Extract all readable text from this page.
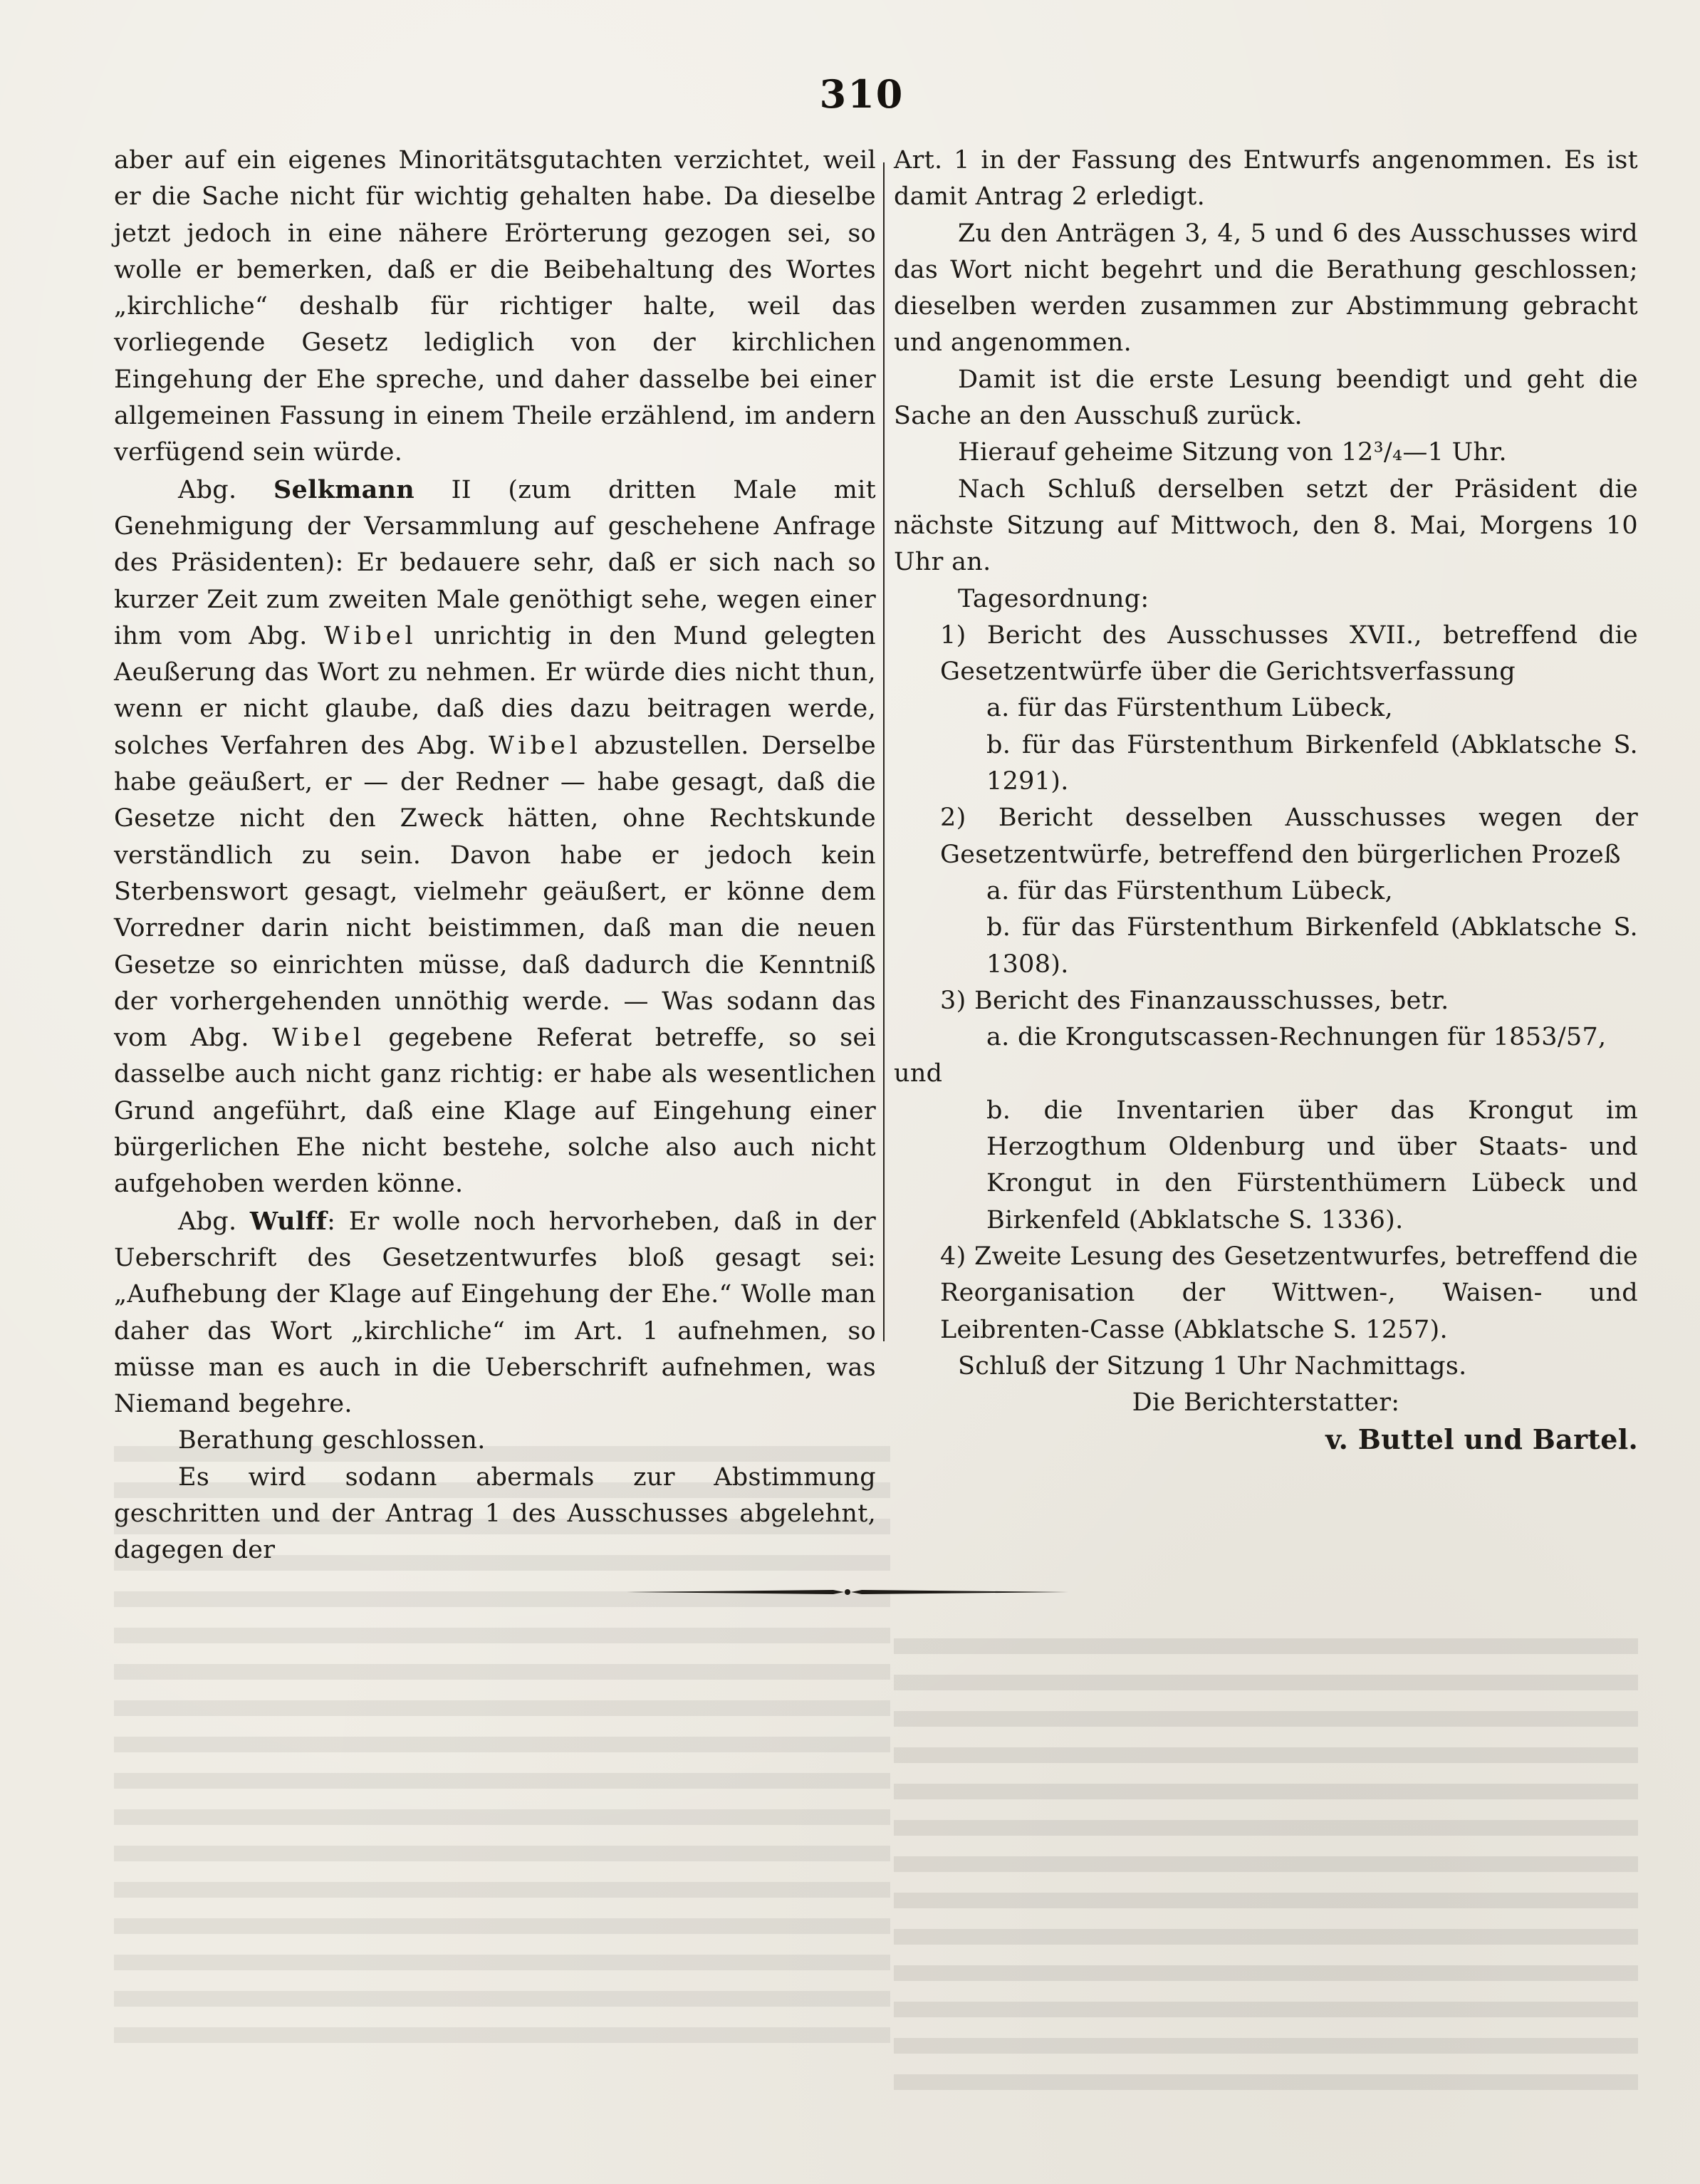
310

aber auf ein eigenes Minoritätsgutachten verzichtet, weil er die Sache nicht für wichtig gehalten habe. Da dieselbe jetzt jedoch in eine nähere Erörterung gezogen sei, so wolle er bemerken, daß er die Beibehaltung des Wortes „kirchliche“ deshalb für richtiger halte, weil das vorliegende Gesetz lediglich von der kirchlichen Eingehung der Ehe spreche, und daher dasselbe bei einer allgemeinen Fassung in einem Theile erzählend, im andern verfügend sein würde.

Abg. Selkmann II (zum dritten Male mit Genehmigung der Versammlung auf geschehene Anfrage des Präsidenten): Er bedauere sehr, daß er sich nach so kurzer Zeit zum zweiten Male genöthigt sehe, wegen einer ihm vom Abg. Wibel unrichtig in den Mund gelegten Aeußerung das Wort zu nehmen. Er würde dies nicht thun, wenn er nicht glaube, daß dies dazu beitragen werde, solches Verfahren des Abg. Wibel abzustellen. Derselbe habe geäußert, er — der Redner — habe gesagt, daß die Gesetze nicht den Zweck hätten, ohne Rechtskunde verständlich zu sein. Davon habe er jedoch kein Sterbenswort gesagt, vielmehr geäußert, er könne dem Vorredner darin nicht beistimmen, daß man die neuen Gesetze so einrichten müsse, daß dadurch die Kenntniß der vorhergehenden unnöthig werde. — Was sodann das vom Abg. Wibel gegebene Referat betreffe, so sei dasselbe auch nicht ganz richtig: er habe als wesentlichen Grund angeführt, daß eine Klage auf Eingehung einer bürgerlichen Ehe nicht bestehe, solche also auch nicht aufgehoben werden könne.

Abg. Wulff: Er wolle noch hervorheben, daß in der Ueberschrift des Gesetzentwurfes bloß gesagt sei: „Aufhebung der Klage auf Eingehung der Ehe.“ Wolle man daher das Wort „kirchliche“ im Art. 1 aufnehmen, so müsse man es auch in die Ueberschrift aufnehmen, was Niemand begehre.

Berathung geschlossen.

Es wird sodann abermals zur Abstimmung geschritten und der Antrag 1 des Ausschusses abgelehnt, dagegen der

Art. 1 in der Fassung des Entwurfs angenommen. Es ist damit Antrag 2 erledigt.

Zu den Anträgen 3, 4, 5 und 6 des Ausschusses wird das Wort nicht begehrt und die Berathung geschlossen; dieselben werden zusammen zur Abstimmung gebracht und angenommen.

Damit ist die erste Lesung beendigt und geht die Sache an den Ausschuß zurück.

Hierauf geheime Sitzung von 12³/₄—1 Uhr.

Nach Schluß derselben setzt der Präsident die nächste Sitzung auf Mittwoch, den 8. Mai, Morgens 10 Uhr an.

Tagesordnung:

1) Bericht des Ausschusses XVII., betreffend die Gesetzentwürfe über die Gerichtsverfassung

a. für das Fürstenthum Lübeck,

b. für das Fürstenthum Birkenfeld (Abklatsche S. 1291).

2) Bericht desselben Ausschusses wegen der Gesetzentwürfe, betreffend den bürgerlichen Prozeß

a. für das Fürstenthum Lübeck,

b. für das Fürstenthum Birkenfeld (Abklatsche S. 1308).

3) Bericht des Finanzausschusses, betr.

a. die Krongutscassen-Rechnungen für 1853/57,

und

b. die Inventarien über das Krongut im Herzogthum Oldenburg und über Staats- und Krongut in den Fürstenthümern Lübeck und Birkenfeld (Abklatsche S. 1336).

4) Zweite Lesung des Gesetzentwurfes, betreffend die Reorganisation der Wittwen-, Waisen- und Leibrenten-Casse (Abklatsche S. 1257).

Schluß der Sitzung 1 Uhr Nachmittags.

Die Berichterstatter:

v. Buttel und Bartel.
